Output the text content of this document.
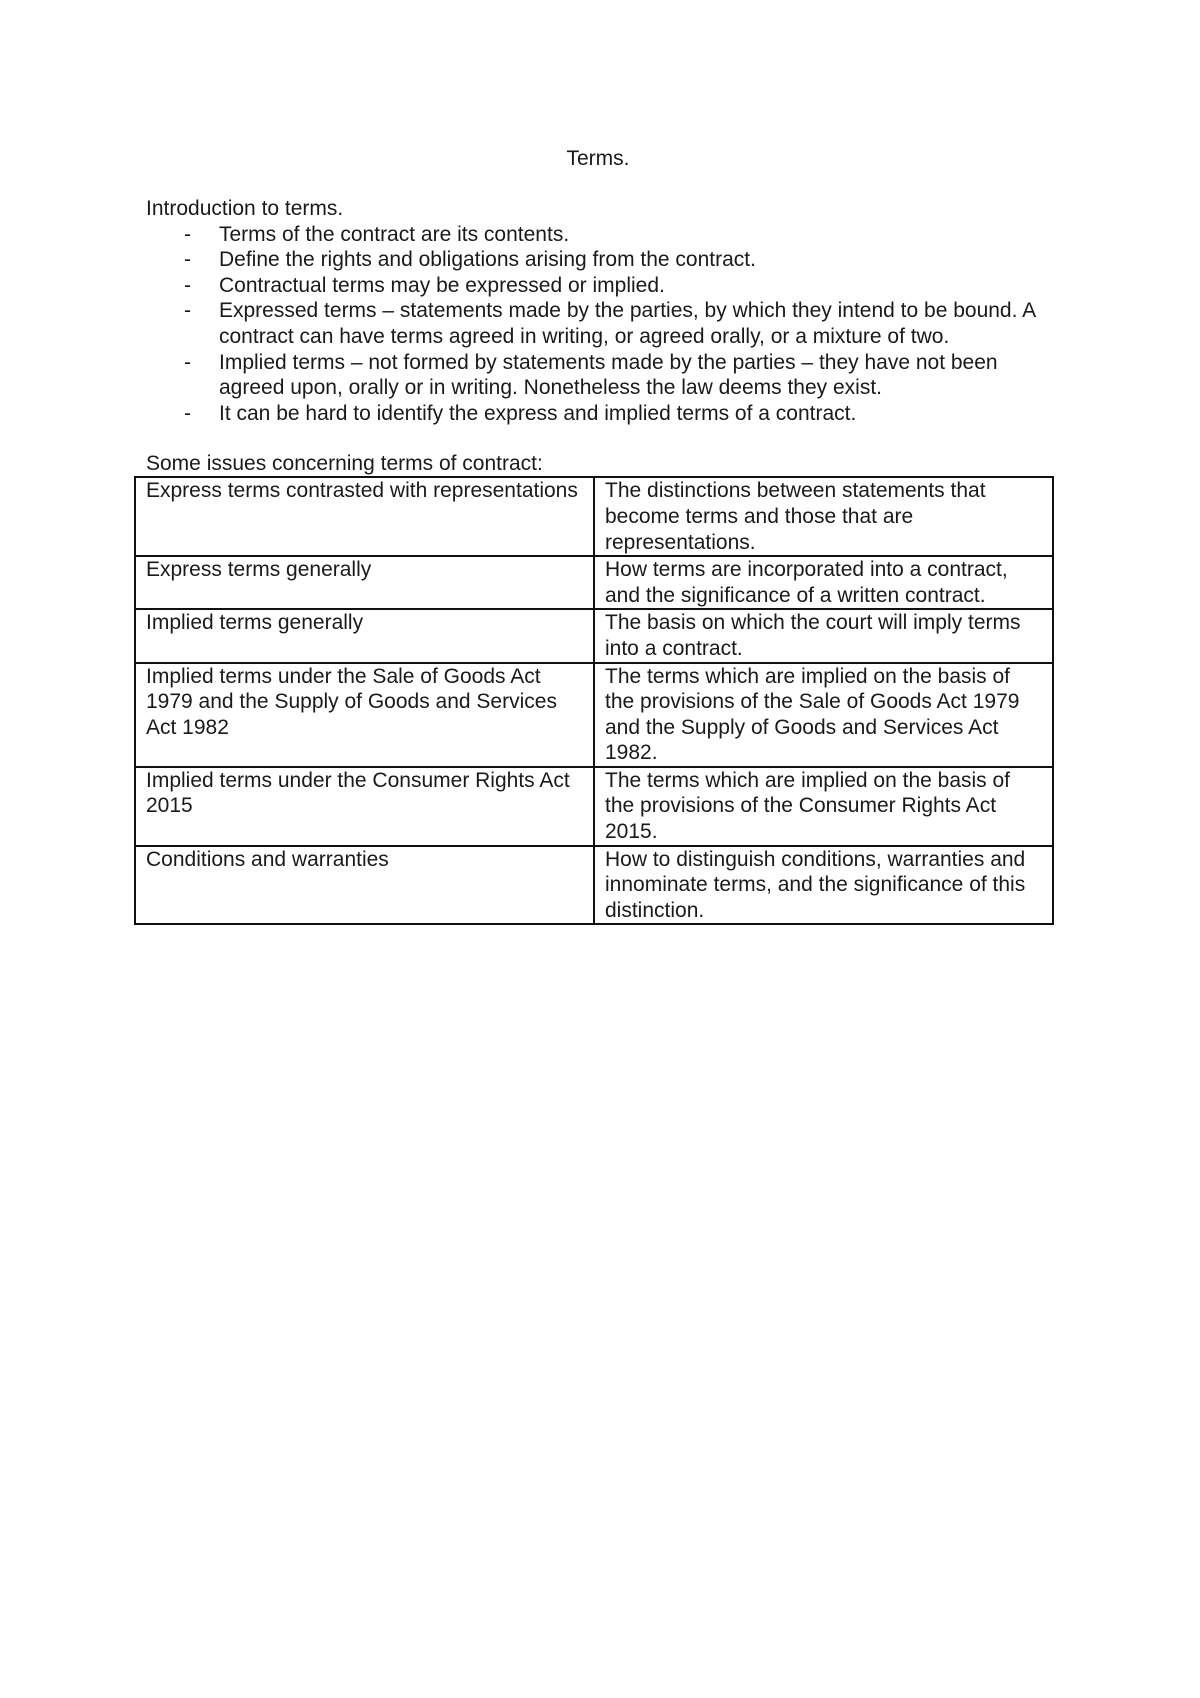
Terms.

Introduction to terms.

- Terms of the contract are its contents.
- Define the rights and obligations arising from the contract.
- Contractual terms may be expressed or implied.
- Expressed terms – statements made by the parties, by which they intend to be bound. A contract can have terms agreed in writing, or agreed orally, or a mixture of two.
- Implied terms – not formed by statements made by the parties – they have not been agreed upon, orally or in writing. Nonetheless the law deems they exist.
- It can be hard to identify the express and implied terms of a contract.

Some issues concerning terms of contract:

Express terms contrasted with representations	The distinctions between statements that become terms and those that are representations.
Express terms generally	How terms are incorporated into a contract, and the significance of a written contract.
Implied terms generally	The basis on which the court will imply terms into a contract.
Implied terms under the Sale of Goods Act 1979 and the Supply of Goods and Services Act 1982	The terms which are implied on the basis of the provisions of the Sale of Goods Act 1979 and the Supply of Goods and Services Act 1982.
Implied terms under the Consumer Rights Act 2015	The terms which are implied on the basis of the provisions of the Consumer Rights Act 2015.
Conditions and warranties	How to distinguish conditions, warranties and innominate terms, and the significance of this distinction.
